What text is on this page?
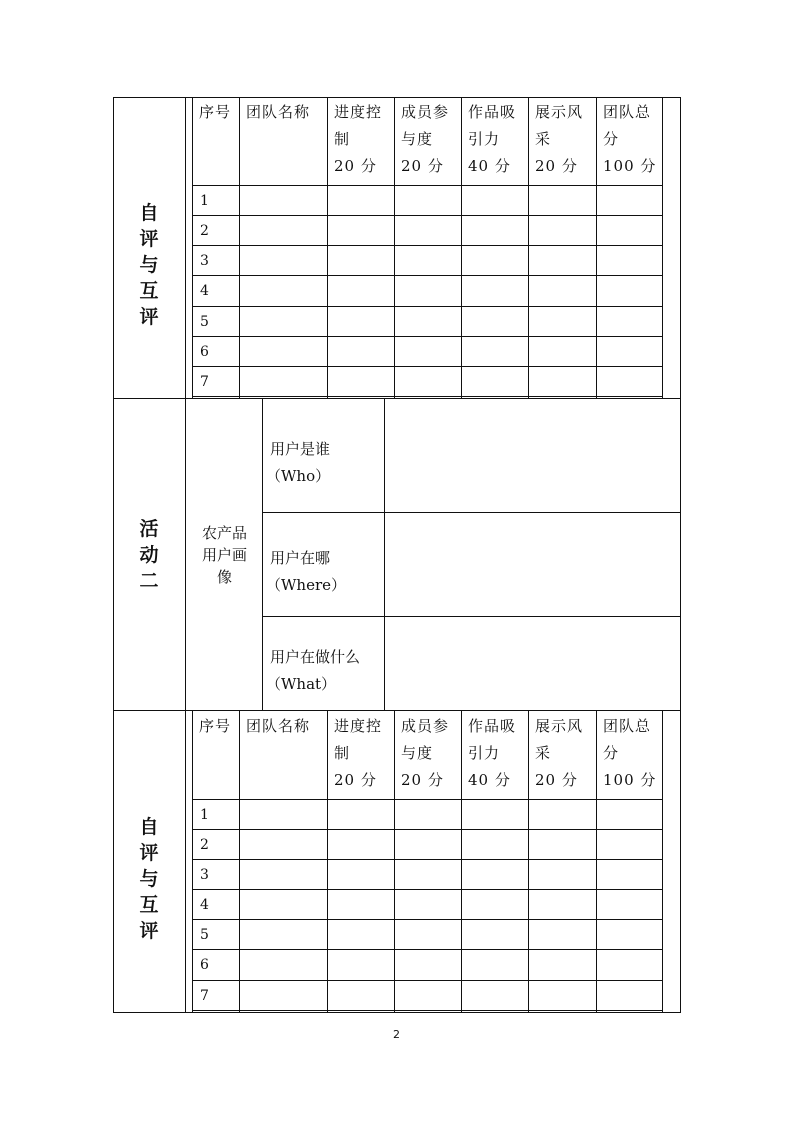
自
评
与
互
评
序号 团队名称 进度控
制
20 分
成员参
与度
20 分
作品吸
引力
40 分
展示风
采
20 分
团队总
分
100 分
1
2
3
4
5
6
7
活
动
二
农产品
用户画
像
用户是谁
（Who）
用户在哪
（Where）
用户在做什么
（What）
自
评
与
互
评
序号 团队名称 进度控
制
20 分
成员参
与度
20 分
作品吸
引力
40 分
展示风
采
20 分
团队总
分
100 分
1
2
3
4
5
6
7
2
